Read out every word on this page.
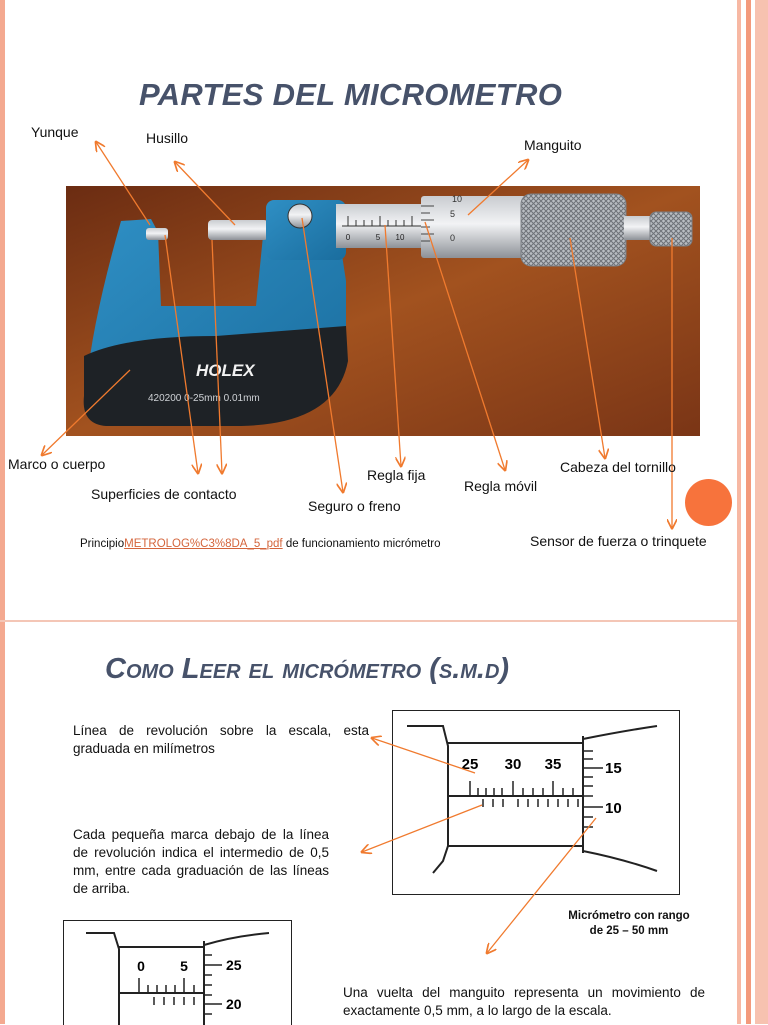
PARTES DEL MICROMETRO
Yunque	Husillo	Manguito
HOLEX
420200 0-25mm 0.01mm
0	5 10
10
5
0
Marco o cuerpo
Superficies de contacto
Seguro o freno
Regla fija
Regla móvil
Cabeza del tornillo
Sensor de fuerza o trinquete
PrincipioMETROLOG%C3%8DA_5_pdf de funcionamiento micrómetro
Como Leer el micrómetro (s.m.d)
Línea de revolución sobre la escala, esta graduada en milímetros
Cada pequeña marca debajo de la línea de revolución indica el intermedio de 0,5 mm, entre cada graduación de las líneas de arriba.
Una vuelta del manguito representa un movimiento de exactamente 0,5 mm, a lo largo de la escala.
25 30 35	15
10
0	5	25
20
Micrómetro con rango
de 25 – 50 mm
